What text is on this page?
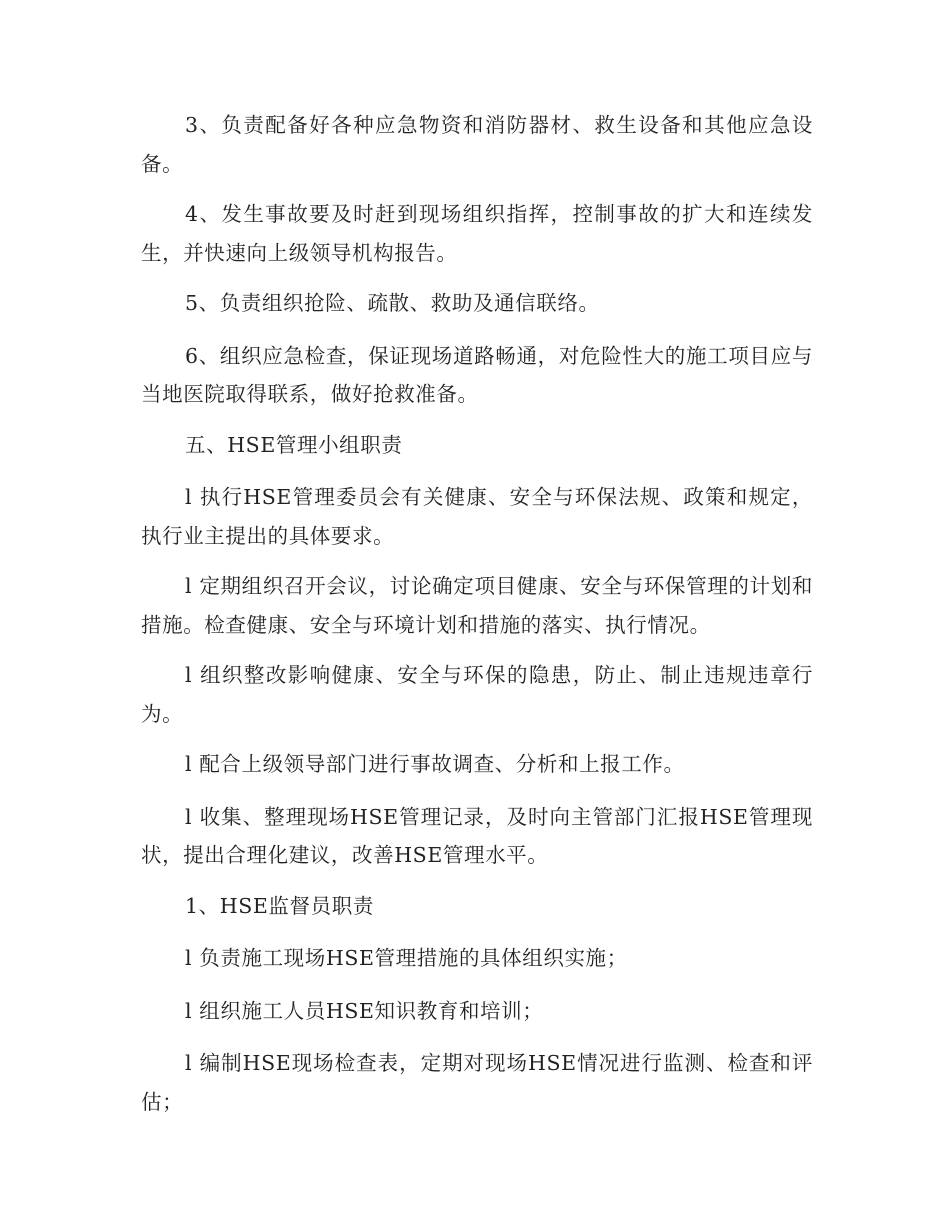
3、负责配备好各种应急物资和消防器材、救生设备和其他应急设备。

4、发生事故要及时赶到现场组织指挥，控制事故的扩大和连续发生，并快速向上级领导机构报告。

5、负责组织抢险、疏散、救助及通信联络。

6、组织应急检查，保证现场道路畅通，对危险性大的施工项目应与当地医院取得联系，做好抢救准备。

五、HSE管理小组职责

l 执行HSE管理委员会有关健康、安全与环保法规、政策和规定，执行业主提出的具体要求。

l 定期组织召开会议，讨论确定项目健康、安全与环保管理的计划和措施。检查健康、安全与环境计划和措施的落实、执行情况。

l 组织整改影响健康、安全与环保的隐患，防止、制止违规违章行为。

l 配合上级领导部门进行事故调查、分析和上报工作。

l 收集、整理现场HSE管理记录，及时向主管部门汇报HSE管理现状，提出合理化建议，改善HSE管理水平。

1、HSE监督员职责

l 负责施工现场HSE管理措施的具体组织实施；

l 组织施工人员HSE知识教育和培训；

l 编制HSE现场检查表，定期对现场HSE情况进行监测、检查和评估；
